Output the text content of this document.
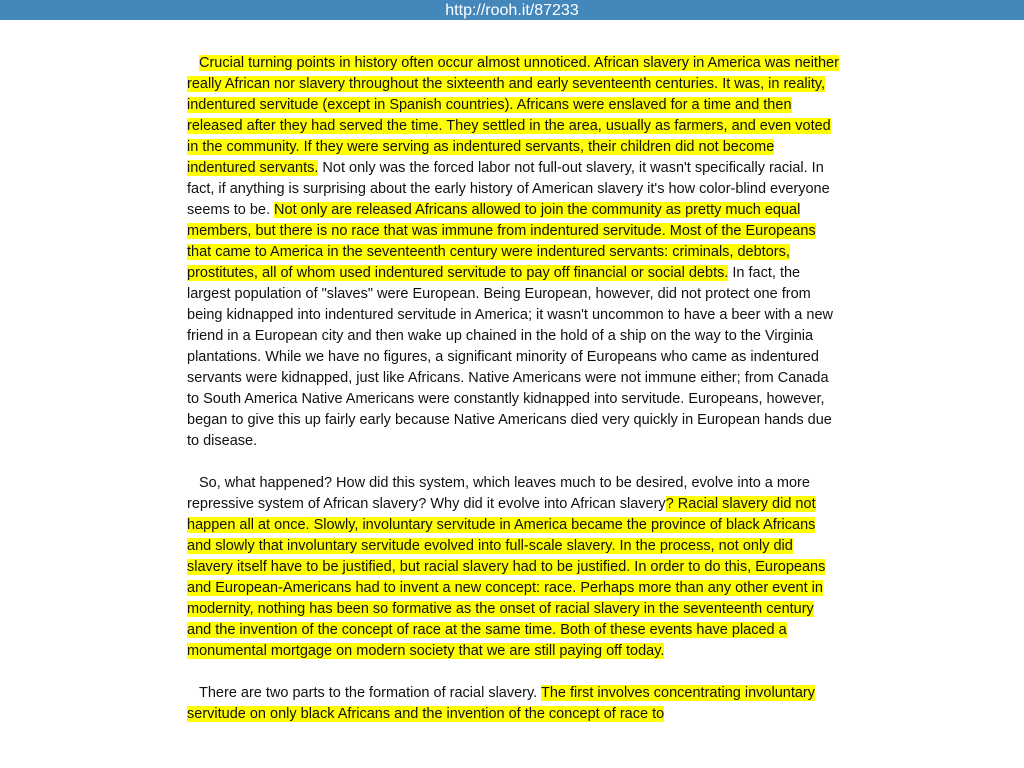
http://rooh.it/87233

Crucial turning points in history often occur almost unnoticed. African slavery in America was neither really African nor slavery throughout the sixteenth and early seventeenth centuries. It was, in reality, indentured servitude (except in Spanish countries). Africans were enslaved for a time and then released after they had served the time. They settled in the area, usually as farmers, and even voted in the community. If they were serving as indentured servants, their children did not become indentured servants. Not only was the forced labor not full-out slavery, it wasn't specifically racial. In fact, if anything is surprising about the early history of American slavery it's how color-blind everyone seems to be. Not only are released Africans allowed to join the community as pretty much equal members, but there is no race that was immune from indentured servitude. Most of the Europeans that came to America in the seventeenth century were indentured servants: criminals, debtors, prostitutes, all of whom used indentured servitude to pay off financial or social debts. In fact, the largest population of "slaves" were European. Being European, however, did not protect one from being kidnapped into indentured servitude in America; it wasn't uncommon to have a beer with a new friend in a European city and then wake up chained in the hold of a ship on the way to the Virginia plantations. While we have no figures, a significant minority of Europeans who came as indentured servants were kidnapped, just like Africans. Native Americans were not immune either; from Canada to South America Native Americans were constantly kidnapped into servitude. Europeans, however, began to give this up fairly early because Native Americans died very quickly in European hands due to disease.

So, what happened? How did this system, which leaves much to be desired, evolve into a more repressive system of African slavery? Why did it evolve into African slavery? Racial slavery did not happen all at once. Slowly, involuntary servitude in America became the province of black Africans and slowly that involuntary servitude evolved into full-scale slavery. In the process, not only did slavery itself have to be justified, but racial slavery had to be justified. In order to do this, Europeans and European-Americans had to invent a new concept: race. Perhaps more than any other event in modernity, nothing has been so formative as the onset of racial slavery in the seventeenth century and the invention of the concept of race at the same time. Both of these events have placed a monumental mortgage on modern society that we are still paying off today.

There are two parts to the formation of racial slavery. The first involves concentrating involuntary servitude on only black Africans and the invention of the concept of race to
